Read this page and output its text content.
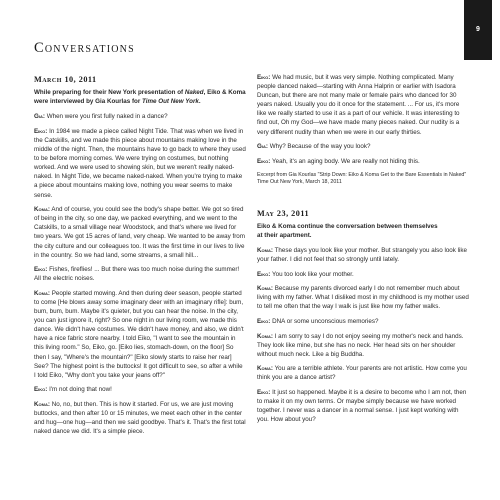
9
Conversations
March 10, 2011
While preparing for their New York presentation of Naked, Eiko & Koma were interviewed by Gia Kourlas for Time Out New York.

Gia: When were you first fully naked in a dance?

Eiko: In 1984 we made a piece called Night Tide. That was when we lived in the Catskills, and we made this piece about mountains making love in the middle of the night. Then, the mountains have to go back to where they used to be before morning comes. We were trying on costumes, but nothing worked. And we were used to showing skin, but we weren't really naked-naked. In Night Tide, we became naked-naked. When you're trying to make a piece about mountains making love, nothing you wear seems to make sense.

Koma: And of course, you could see the body's shape better. We got so tired of being in the city, so one day, we packed everything, and we went to the Catskills, to a small village near Woodstock, and that's where we lived for two years. We got 15 acres of land, very cheap. We wanted to be away from the city culture and our colleagues too. It was the first time in our lives to live in the country. So we had land, some streams, a small hill...

Eiko: Fishes, fireflies! ... But there was too much noise during the summer! All the electric noises.

Koma: People started mowing. And then during deer season, people started to come [He blows away some imaginary deer with an imaginary rifle]: bum, bum, bum, bum. Maybe it's quieter, but you can hear the noise. In the city, you can just ignore it, right? So one night in our living room, we made this dance. We didn't have costumes. We didn't have money, and also, we didn't have a nice fabric store nearby. I told Eiko, "I want to see the mountain in this living room." So, Eiko, go. [Eiko lies, stomach-down, on the floor] So then I say, "Where's the mountain?" [Eiko slowly starts to raise her rear] See? The highest point is the buttocks! It got difficult to see, so after a while I told Eiko, "Why don't you take your jeans off?"

Eiko: I'm not doing that now!

Koma: No, no, but then. This is how it started. For us, we are just moving buttocks, and then after 10 or 15 minutes, we meet each other in the center and hug—one hug—and then we said goodbye. That's it. That's the first total naked dance we did. It's a simple piece.

Eiko: We had music, but it was very simple. Nothing complicated. Many people danced naked—starting with Anna Halprin or earlier with Isadora Duncan, but there are not many male or female pairs who danced for 30 years naked. Usually you do it once for the statement. ... For us, it's more like we really started to use it as a part of our vehicle. It was interesting to find out, Oh my God—we have made many pieces naked. Our nudity is a very different nudity than when we were in our early thirties.

Gia: Why? Because of the way you look?

Eiko: Yeah, it's an aging body. We are really not hiding this.

Excerpt from Gia Kourlas "Strip Down: Eiko & Koma Get to the Bare Essentials in Naked" Time Out New York, March 18, 2011
May 23, 2011
Eiko & Koma continue the conversation between themselves
at their apartment.

Koma: These days you look like your mother. But strangely you also look like your father. I did not feel that so strongly until lately.

Eiko: You too look like your mother.

Koma: Because my parents divorced early I do not remember much about living with my father. What I disliked most in my childhood is my mother used to tell me often that the way I walk is just like how my father walks.

Eiko: DNA or some unconscious memories?

Koma: I am sorry to say I do not enjoy seeing my mother's neck and hands. They look like mine, but she has no neck. Her head sits on her shoulder without much neck. Like a big Buddha.

Koma: You are a terrible athlete. Your parents are not artistic. How come you think you are a dance artist?

Eiko: It just so happened. Maybe it is a desire to become who I am not, then to make it on my own terms. Or maybe simply because we have worked together. I never was a dancer in a normal sense. I just kept working with you. How about you?
